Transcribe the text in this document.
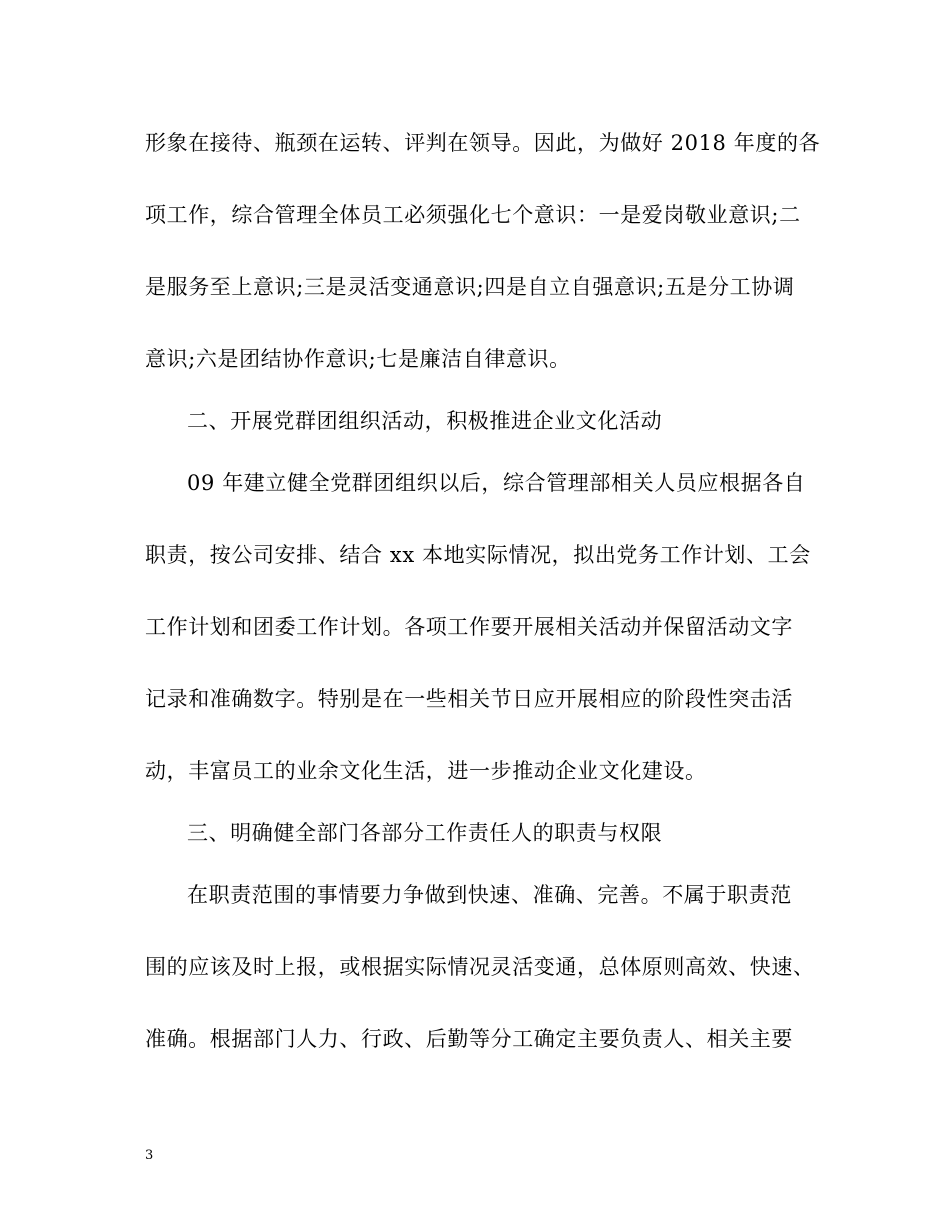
形象在接待、瓶颈在运转、评判在领导。因此，为做好 2018 年度的各
项工作，综合管理全体员工必须强化七个意识：一是爱岗敬业意识;二
是服务至上意识;三是灵活变通意识;四是自立自强意识;五是分工协调
意识;六是团结协作意识;七是廉洁自律意识。
二、开展党群团组织活动，积极推进企业文化活动
09 年建立健全党群团组织以后，综合管理部相关人员应根据各自
职责，按公司安排、结合 xx 本地实际情况，拟出党务工作计划、工会
工作计划和团委工作计划。各项工作要开展相关活动并保留活动文字
记录和准确数字。特别是在一些相关节日应开展相应的阶段性突击活
动，丰富员工的业余文化生活，进一步推动企业文化建设。
三、明确健全部门各部分工作责任人的职责与权限
在职责范围的事情要力争做到快速、准确、完善。不属于职责范
围的应该及时上报，或根据实际情况灵活变通，总体原则高效、快速、
准确。根据部门人力、行政、后勤等分工确定主要负责人、相关主要
3
